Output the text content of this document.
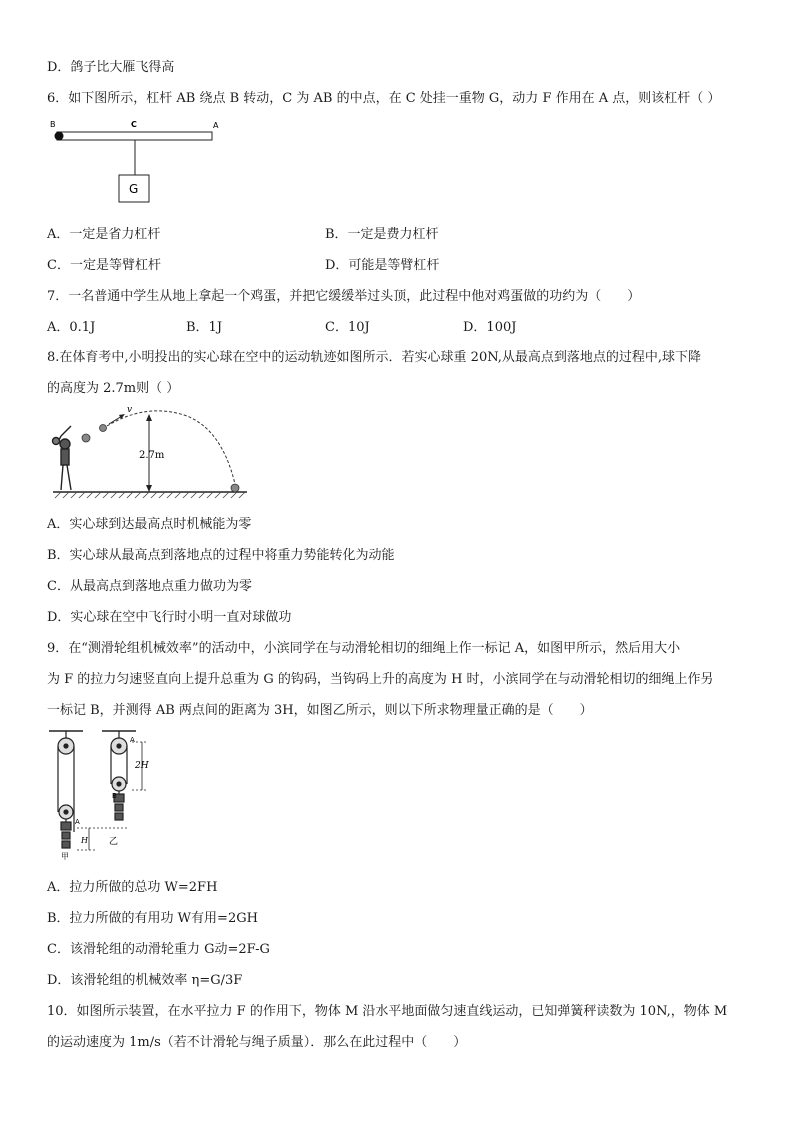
D．鸽子比大雁飞得高
6．如下图所示，杠杆 AB 绕点 B 转动，C 为 AB 的中点，在 C 处挂一重物 G，动力 F 作用在 A 点，则该杠杆（ ）
B	C	A
G
A．一定是省力杠杆	B．一定是费力杠杆
C．一定是等臂杠杆	D．可能是等臂杠杆
7．一名普通中学生从地上拿起一个鸡蛋，并把它缓缓举过头顶，此过程中他对鸡蛋做的功约为（　　）
A．0.1J	B．1J	C．10J	D．100J
8.在体育考中,小明投出的实心球在空中的运动轨迹如图所示．若实心球重 20N,从最高点到落地点的过程中,球下降
的高度为 2.7m则（ ）
v
2.7m
A．实心球到达最高点时机械能为零
B．实心球从最高点到落地点的过程中将重力势能转化为动能
C．从最高点到落地点重力做功为零
D．实心球在空中飞行时小明一直对球做功
9．在“测滑轮组机械效率”的活动中，小滨同学在与动滑轮相切的细绳上作一标记 A，如图甲所示，然后用大小
为 F 的拉力匀速竖直向上提升总重为 G 的钩码，当钩码上升的高度为 H 时，小滨同学在与动滑轮相切的细绳上作另
一标记 B，并测得 AB 两点间的距离为 3H，如图乙所示，则以下所求物理量正确的是（　　）
2H
A
B
A
H 乙
甲
A．拉力所做的总功 W=2FH
B．拉力所做的有用功 W有用=2GH
C．该滑轮组的动滑轮重力 G动=2F-G
D．该滑轮组的机械效率 η=G/3F
10．如图所示装置，在水平拉力 F 的作用下，物体 M 沿水平地面做匀速直线运动，已知弹簧秤读数为 10N,，物体 M
的运动速度为 1m/s（若不计滑轮与绳子质量）．那么在此过程中（　　）
